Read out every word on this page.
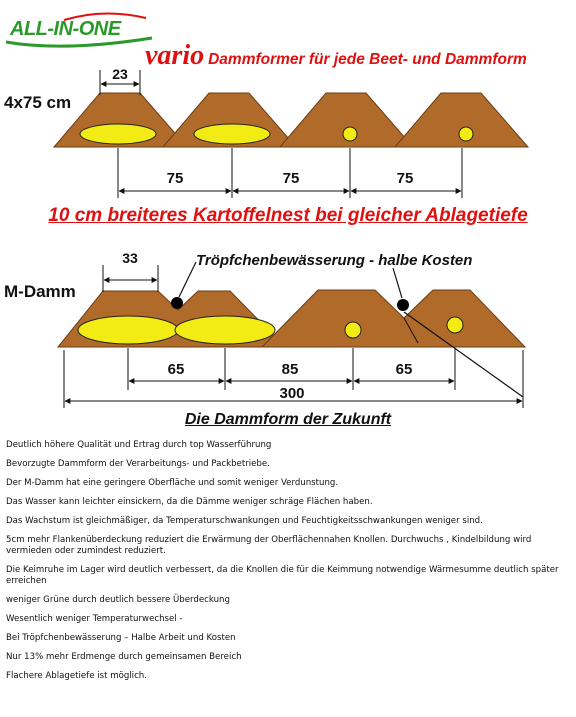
ALL-IN-ONE
vario Dammformer für jede Beet- und Dammform
4x75 cm
23
75	75	75
M-Damm
Tröpfchenbewässerung - halbe Kosten
33
65	85	65
300
10 cm breiteres Kartoffelnest bei gleicher Ablagetiefe
Die Dammform der Zukunft
Deutlich höhere Qualität und Ertrag durch top Wasserführung
Bevorzugte Dammform der Verarbeitungs- und Packbetriebe.
Der M-Damm hat eine geringere Oberfläche und somit weniger Verdunstung.
Das Wasser kann leichter einsickern, da die Dämme weniger schräge Flächen haben.
Das Wachstum ist gleichmäßiger, da Temperaturschwankungen und Feuchtigkeitsschwankungen weniger sind.
5cm mehr Flankenüberdeckung reduziert die Erwärmung der Oberflächennahen Knollen. Durchwuchs , Kindelbildung wird vermieden oder zumindest reduziert.
Die Keimruhe im Lager wird deutlich verbessert, da die Knollen die für die Keimmung notwendige Wärmesumme deutlich später erreichen
weniger Grüne durch deutlich bessere Überdeckung
Wesentlich weniger Temperaturwechsel -
Bei Tröpfchenbewässerung – Halbe Arbeit und Kosten
Nur 13% mehr Erdmenge durch gemeinsamen Bereich
Flachere Ablagetiefe ist möglich.
